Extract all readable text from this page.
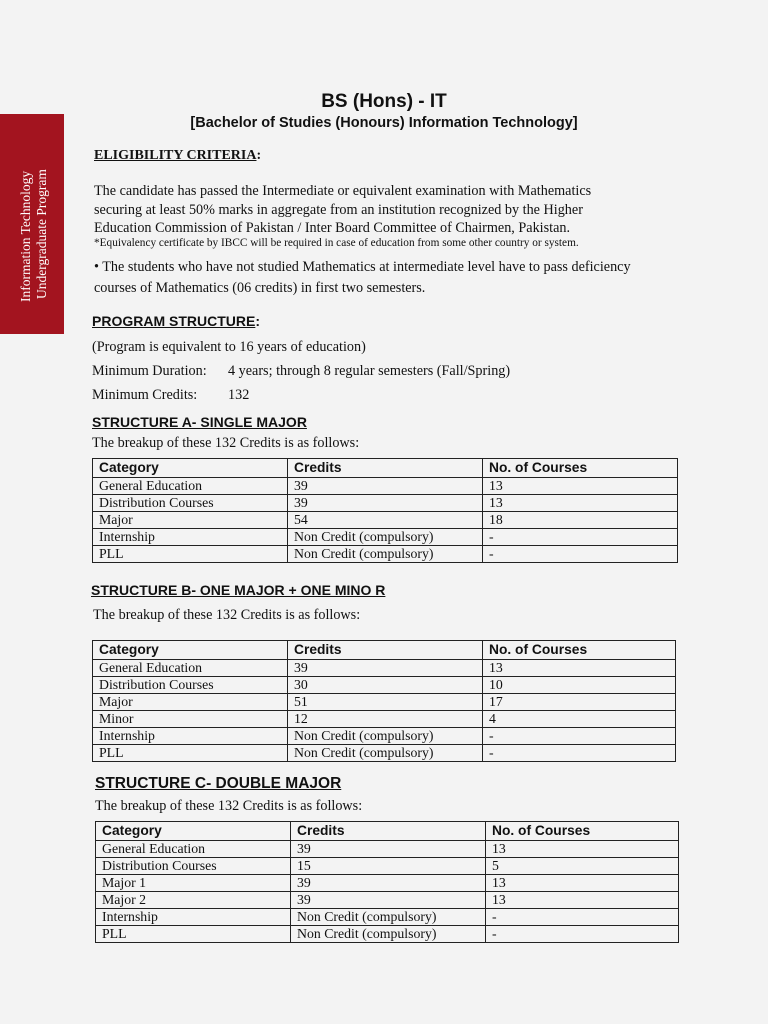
Information Technology Undergraduate Program
BS (Hons) - IT
[Bachelor of Studies (Honours) Information Technology]
ELIGIBILITY CRITERIA:
The candidate has passed the Intermediate or equivalent examination with Mathematics
securing at least 50% marks in aggregate from an institution recognized by the Higher
Education Commission of Pakistan / Inter Board Committee of Chairmen, Pakistan.
*Equivalency certificate by IBCC will be required in case of education from some other country or system.
• The students who have not studied Mathematics at intermediate level have to pass deficiency
courses of Mathematics (06 credits) in first two semesters.
PROGRAM STRUCTURE:
(Program is equivalent to 16 years of education)
Minimum Duration: 4 years; through 8 regular semesters (Fall/Spring)
Minimum Credits: 132
STRUCTURE A- SINGLE MAJOR
The breakup of these 132 Credits is as follows:
Category	Credits	No. of Courses
General Education	39	13
Distribution Courses	39	13
Major	54	18
Internship	Non Credit (compulsory)	-
PLL	Non Credit (compulsory)	-
STRUCTURE B- ONE MAJOR + ONE MINO R
The breakup of these 132 Credits is as follows:
Category	Credits	No. of Courses
General Education	39	13
Distribution Courses	30	10
Major	51	17
Minor	12	4
Internship	Non Credit (compulsory)	-
PLL	Non Credit (compulsory)	-
STRUCTURE C- DOUBLE MAJOR
The breakup of these 132 Credits is as follows:
Category	Credits	No. of Courses
General Education	39	13
Distribution Courses	15	5
Major 1	39	13
Major 2	39	13
Internship	Non Credit (compulsory)	-
PLL	Non Credit (compulsory)	-
